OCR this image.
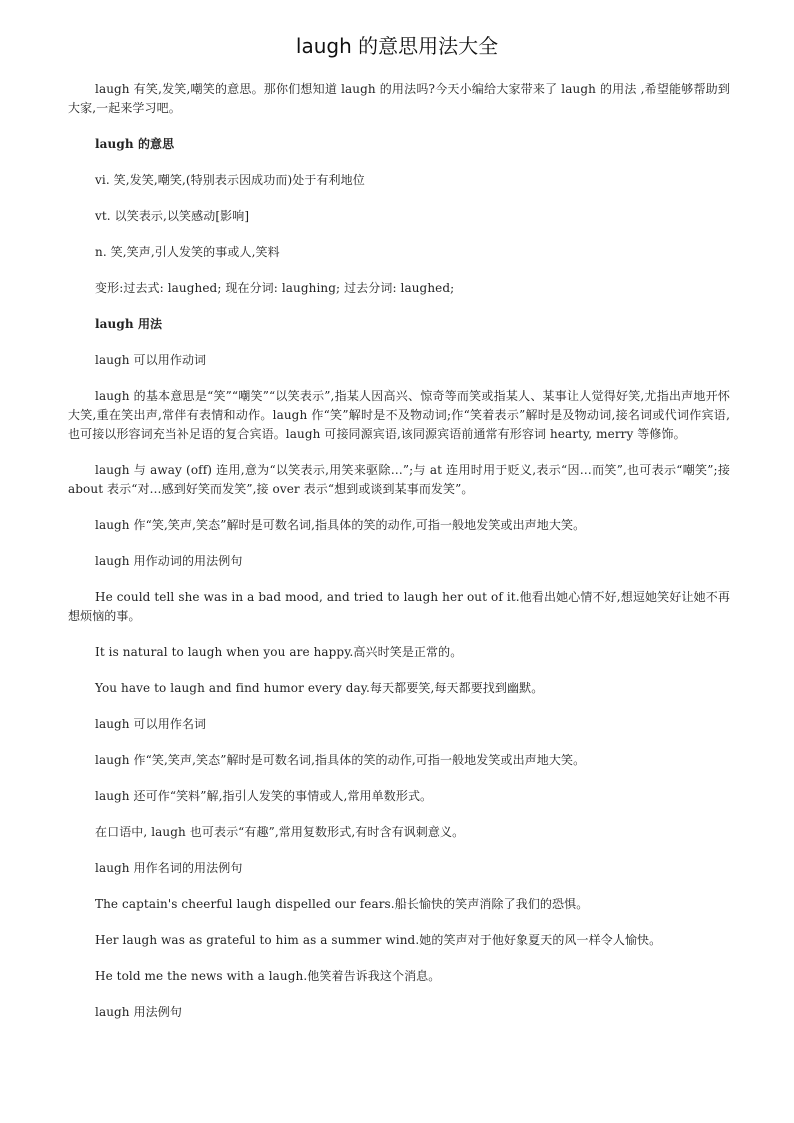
laugh 的意思用法大全

laugh 有笑,发笑,嘲笑的意思。那你们想知道 laugh 的用法吗?今天小编给大家带来了 laugh 的用法 ,希望能够帮助到大家,一起来学习吧。

laugh 的意思

vi. 笑,发笑,嘲笑,(特别表示因成功而)处于有利地位

vt. 以笑表示,以笑感动[影响]

n. 笑,笑声,引人发笑的事或人,笑料

变形:过去式: laughed; 现在分词: laughing; 过去分词: laughed;

laugh 用法

laugh 可以用作动词

laugh 的基本意思是“笑”“嘲笑”“以笑表示”,指某人因高兴、惊奇等而笑或指某人、某事让人觉得好笑,尤指出声地开怀大笑,重在笑出声,常伴有表情和动作。laugh 作“笑”解时是不及物动词;作“笑着表示”解时是及物动词,接名词或代词作宾语,也可接以形容词充当补足语的复合宾语。laugh 可接同源宾语,该同源宾语前通常有形容词 hearty, merry 等修饰。

laugh 与 away (off) 连用,意为“以笑表示,用笑来驱除…”;与 at 连用时用于贬义,表示“因…而笑”,也可表示“嘲笑”;接 about 表示“对…感到好笑而发笑”,接 over 表示“想到或谈到某事而发笑”。

laugh 作“笑,笑声,笑态”解时是可数名词,指具体的笑的动作,可指一般地发笑或出声地大笑。

laugh 用作动词的用法例句

He could tell she was in a bad mood, and tried to laugh her out of it.他看出她心情不好,想逗她笑好让她不再想烦恼的事。

It is natural to laugh when you are happy.高兴时笑是正常的。

You have to laugh and find humor every day.每天都要笑,每天都要找到幽默。

laugh 可以用作名词

laugh 作“笑,笑声,笑态”解时是可数名词,指具体的笑的动作,可指一般地发笑或出声地大笑。

laugh 还可作“笑料”解,指引人发笑的事情或人,常用单数形式。

在口语中, laugh 也可表示“有趣”,常用复数形式,有时含有讽刺意义。

laugh 用作名词的用法例句

The captain's cheerful laugh dispelled our fears.船长愉快的笑声消除了我们的恐惧。

Her laugh was as grateful to him as a summer wind.她的笑声对于他好象夏天的风一样令人愉快。

He told me the news with a laugh.他笑着告诉我这个消息。

laugh 用法例句
